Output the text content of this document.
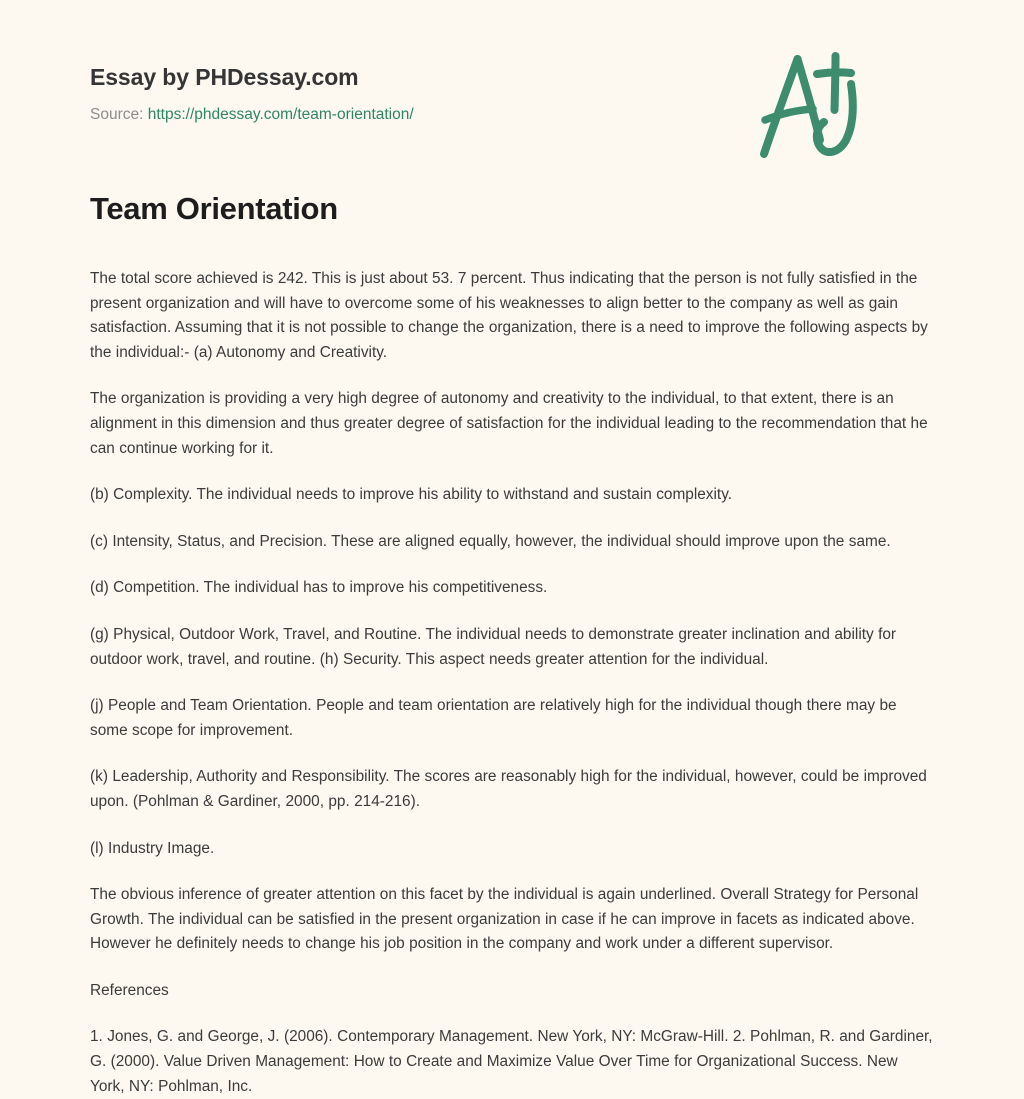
Essay by PHDessay.com
Source: https://phdessay.com/team-orientation/
Team Orientation

The total score achieved is 242. This is just about 53. 7 percent. Thus indicating that the person is not fully satisfied in the present organization and will have to overcome some of his weaknesses to align better to the company as well as gain satisfaction. Assuming that it is not possible to change the organization, there is a need to improve the following aspects by the individual:- (a) Autonomy and Creativity.

The organization is providing a very high degree of autonomy and creativity to the individual, to that extent, there is an alignment in this dimension and thus greater degree of satisfaction for the individual leading to the recommendation that he can continue working for it.

(b) Complexity. The individual needs to improve his ability to withstand and sustain complexity.

(c) Intensity, Status, and Precision. These are aligned equally, however, the individual should improve upon the same.

(d) Competition. The individual has to improve his competitiveness.

(g) Physical, Outdoor Work, Travel, and Routine. The individual needs to demonstrate greater inclination and ability for outdoor work, travel, and routine. (h) Security. This aspect needs greater attention for the individual.

(j) People and Team Orientation. People and team orientation are relatively high for the individual though there may be some scope for improvement.

(k) Leadership, Authority and Responsibility. The scores are reasonably high for the individual, however, could be improved upon. (Pohlman & Gardiner, 2000, pp. 214-216).

(l) Industry Image.

The obvious inference of greater attention on this facet by the individual is again underlined. Overall Strategy for Personal Growth. The individual can be satisfied in the present organization in case if he can improve in facets as indicated above. However he definitely needs to change his job position in the company and work under a different supervisor.

References

1. Jones, G. and George, J. (2006). Contemporary Management. New York, NY: McGraw-Hill. 2. Pohlman, R. and Gardiner, G. (2000). Value Driven Management: How to Create and Maximize Value Over Time for Organizational Success. New York, NY: Pohlman, Inc.
